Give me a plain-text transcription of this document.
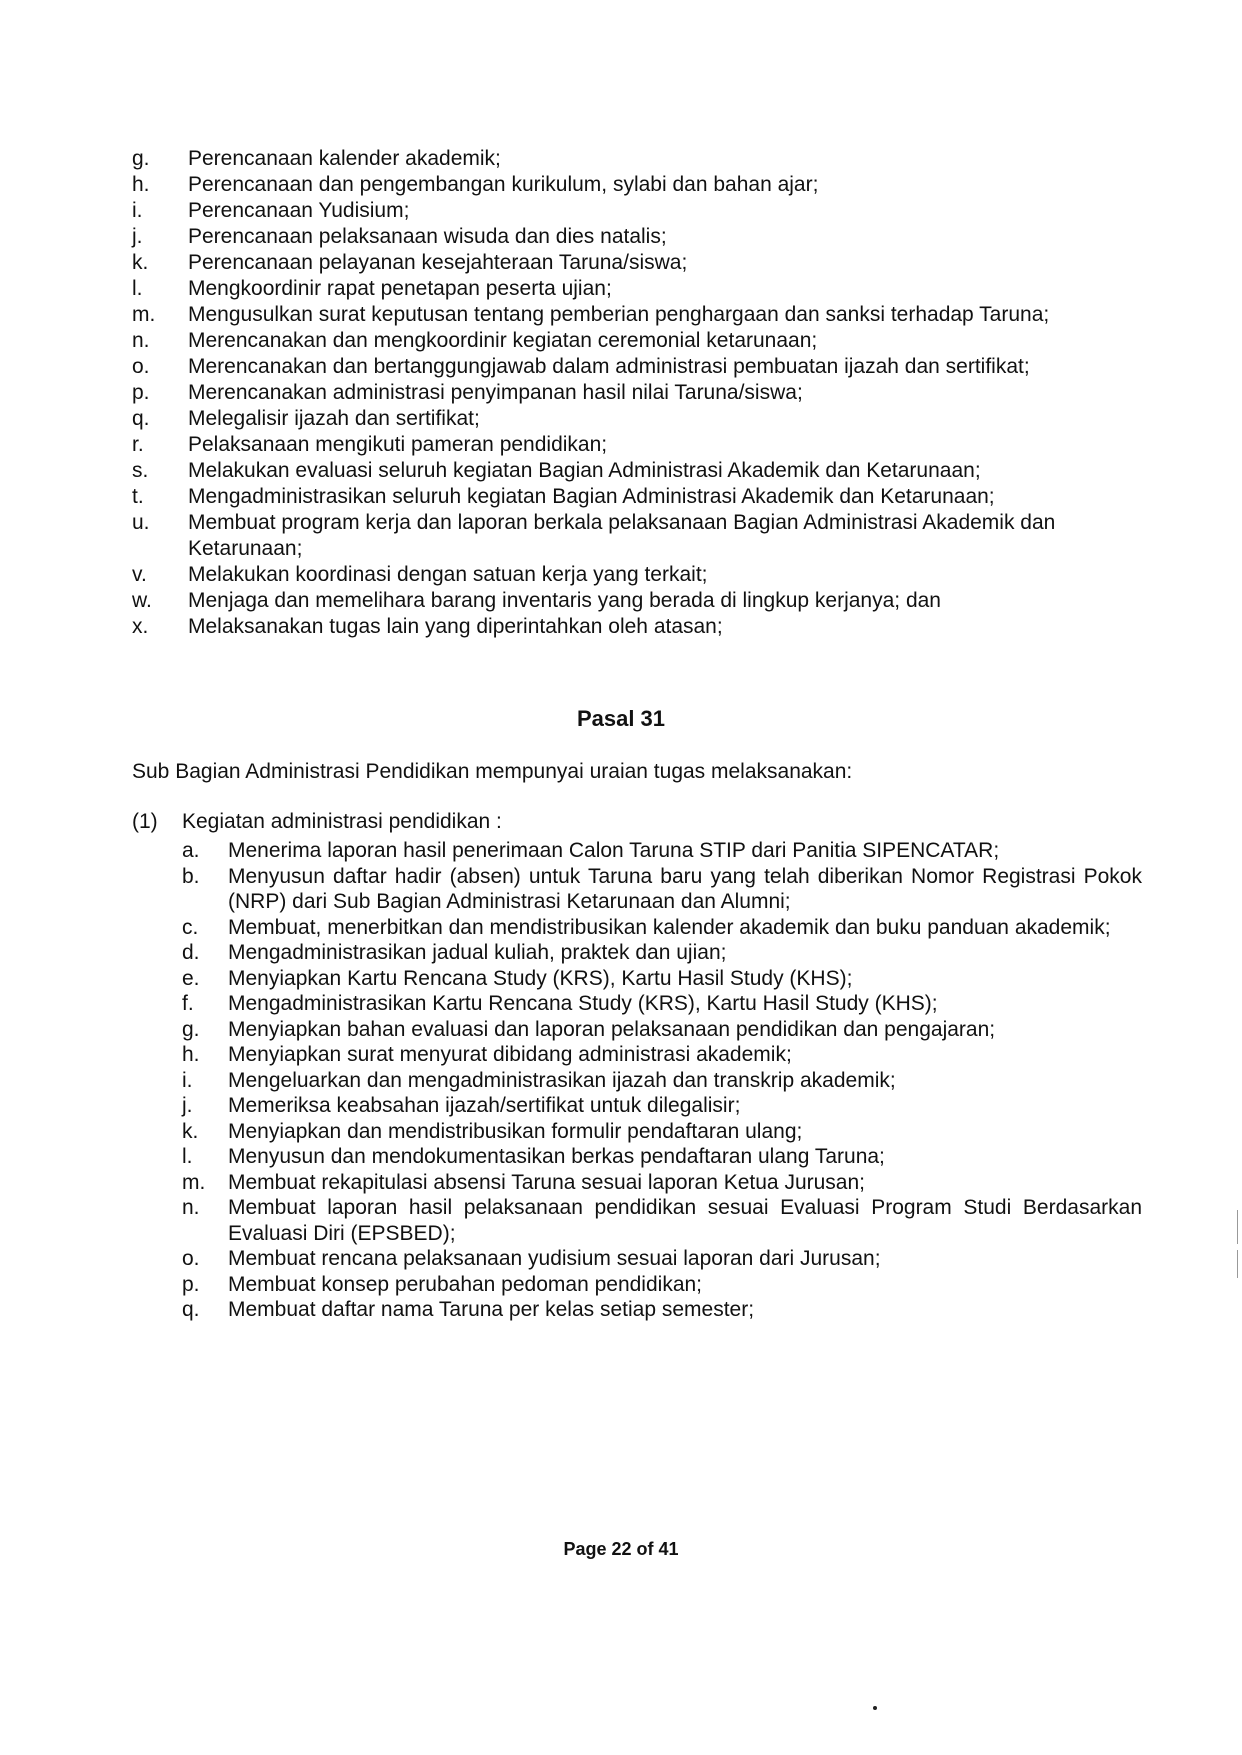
g.	Perencanaan kalender akademik;
h.	Perencanaan dan pengembangan kurikulum, sylabi dan bahan ajar;
i.	Perencanaan Yudisium;
j.	Perencanaan pelaksanaan wisuda dan dies natalis;
k.	Perencanaan pelayanan kesejahteraan Taruna/siswa;
l.	Mengkoordinir rapat penetapan peserta ujian;
m.	Mengusulkan surat keputusan tentang pemberian penghargaan dan sanksi terhadap Taruna;
n.	Merencanakan dan mengkoordinir kegiatan ceremonial ketarunaan;
o.	Merencanakan dan bertanggungjawab dalam administrasi pembuatan ijazah dan sertifikat;
p.	Merencanakan administrasi penyimpanan hasil nilai Taruna/siswa;
q.	Melegalisir ijazah dan sertifikat;
r.	Pelaksanaan mengikuti pameran pendidikan;
s.	Melakukan evaluasi seluruh kegiatan Bagian Administrasi Akademik dan Ketarunaan;
t.	Mengadministrasikan seluruh kegiatan Bagian Administrasi Akademik dan Ketarunaan;
u.	Membuat program kerja dan laporan berkala pelaksanaan Bagian Administrasi Akademik dan Ketarunaan;
v.	Melakukan koordinasi dengan satuan kerja yang terkait;
w.	Menjaga dan memelihara barang inventaris yang berada di lingkup kerjanya; dan
x.	Melaksanakan tugas lain yang diperintahkan oleh atasan;
Pasal 31
Sub Bagian Administrasi Pendidikan mempunyai uraian tugas melaksanakan:
(1)	Kegiatan administrasi pendidikan :
a.	Menerima laporan hasil penerimaan Calon Taruna STIP dari Panitia SIPENCATAR;
b.	Menyusun daftar hadir (absen) untuk Taruna baru yang telah diberikan Nomor Registrasi Pokok (NRP) dari Sub Bagian Administrasi Ketarunaan dan Alumni;
c.	Membuat, menerbitkan dan mendistribusikan kalender akademik dan buku panduan akademik;
d.	Mengadministrasikan jadual kuliah, praktek dan ujian;
e.	Menyiapkan Kartu Rencana Study (KRS), Kartu Hasil Study (KHS);
f.	Mengadministrasikan Kartu Rencana Study (KRS), Kartu Hasil Study (KHS);
g.	Menyiapkan bahan evaluasi dan laporan pelaksanaan pendidikan dan pengajaran;
h.	Menyiapkan surat menyurat dibidang administrasi akademik;
i.	Mengeluarkan dan mengadministrasikan ijazah dan transkrip akademik;
j.	Memeriksa keabsahan ijazah/sertifikat untuk dilegalisir;
k.	Menyiapkan dan mendistribusikan formulir pendaftaran ulang;
l.	Menyusun dan mendokumentasikan berkas pendaftaran ulang Taruna;
m.	Membuat rekapitulasi absensi Taruna sesuai laporan Ketua Jurusan;
n.	Membuat laporan hasil pelaksanaan pendidikan sesuai Evaluasi Program Studi Berdasarkan Evaluasi Diri (EPSBED);
o.	Membuat rencana pelaksanaan yudisium sesuai laporan dari Jurusan;
p.	Membuat konsep perubahan pedoman pendidikan;
q.	Membuat daftar nama Taruna per kelas setiap semester;
Page 22 of 41
